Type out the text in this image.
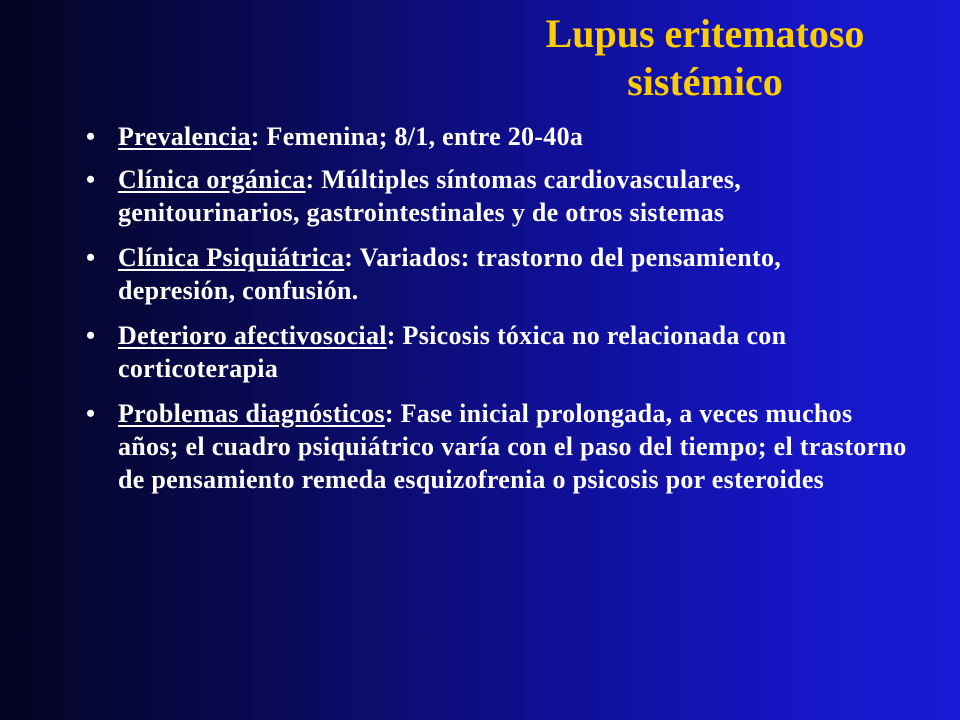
Lupus eritematoso
sistémico
• Prevalencia: Femenina; 8/1, entre 20-40a
• Clínica orgánica: Múltiples síntomas cardiovasculares, genitourinarios, gastrointestinales y de otros sistemas
• Clínica Psiquiátrica: Variados: trastorno del pensamiento, depresión, confusión.
• Deterioro afectivosocial: Psicosis tóxica no relacionada con corticoterapia
• Problemas diagnósticos: Fase inicial prolongada, a veces muchos años; el cuadro psiquiátrico varía con el paso del tiempo; el trastorno de pensamiento remeda esquizofrenia o psicosis por esteroides
